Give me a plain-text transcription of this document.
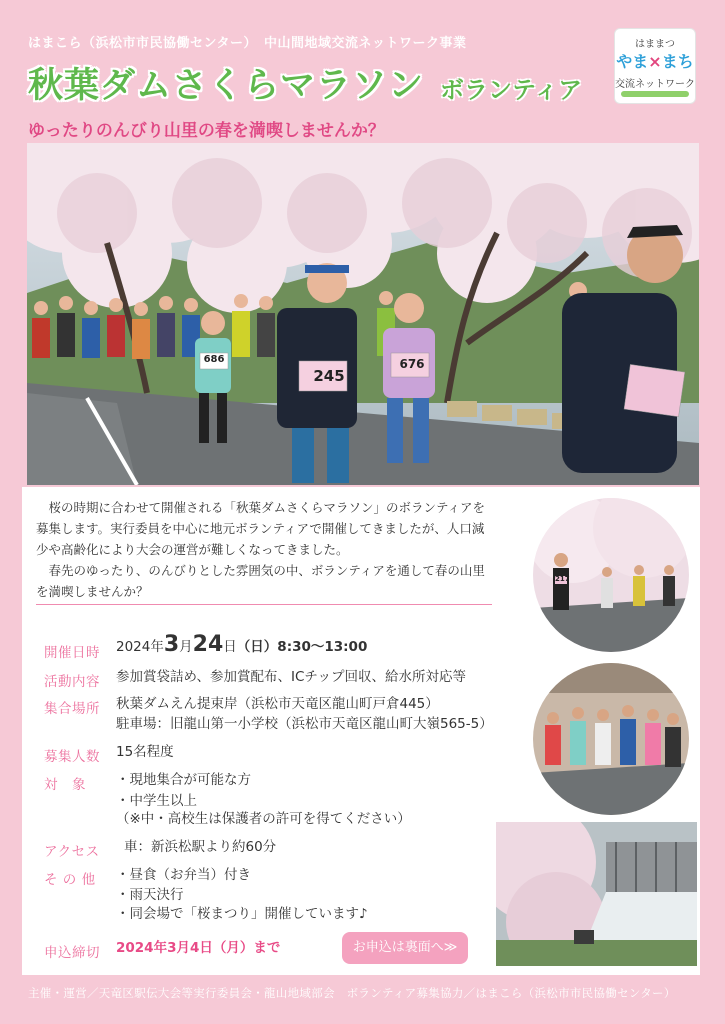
はまこら（浜松市市民協働センター）　中山間地域交流ネットワーク事業
秋葉ダムさくらマラソン ボランティア
ゆったりのんびり山里の春を満喫しませんか？
はままつ
やま×まち
交流ネットワーク
245
676
686

桜の時期に合わせて開催される「秋葉ダムさくらマラソン」のボランティアを募集します。実行委員を中心に地元ボランティアで開催してきましたが、人口減少や高齢化により大会の運営が難しくなってきました。

春先のゆったり、のんびりとした雰囲気の中、ボランティアを通して春の山里を満喫しませんか？

217
開催日時 2024年3月24日（日）8:30～13:00
活動内容 参加賞袋詰め、参加賞配布、ICチップ回収、給水所対応等
集合場所 秋葉ダムえん提束岸（浜松市天竜区龍山町戸倉445）
駐車場：旧龍山第一小学校（浜松市天竜区龍山町大嶺565-5）
募集人数 15名程度
対　象 ・現地集合が可能な方
・中学生以上
（※中・高校生は保護者の許可を得てください）
アクセス 車：新浜松駅より約60分
そ の 他 ・昼食（お弁当）付き
・雨天決行
・同会場で「桜まつり」開催しています♪
申込締切 2024年3月4日（月）まで	お申込は裏面へ≫
主催・運営／天竜区駅伝大会等実行委員会・龍山地域部会　ボランティア募集協力／はまこら（浜松市市民協働センター）
